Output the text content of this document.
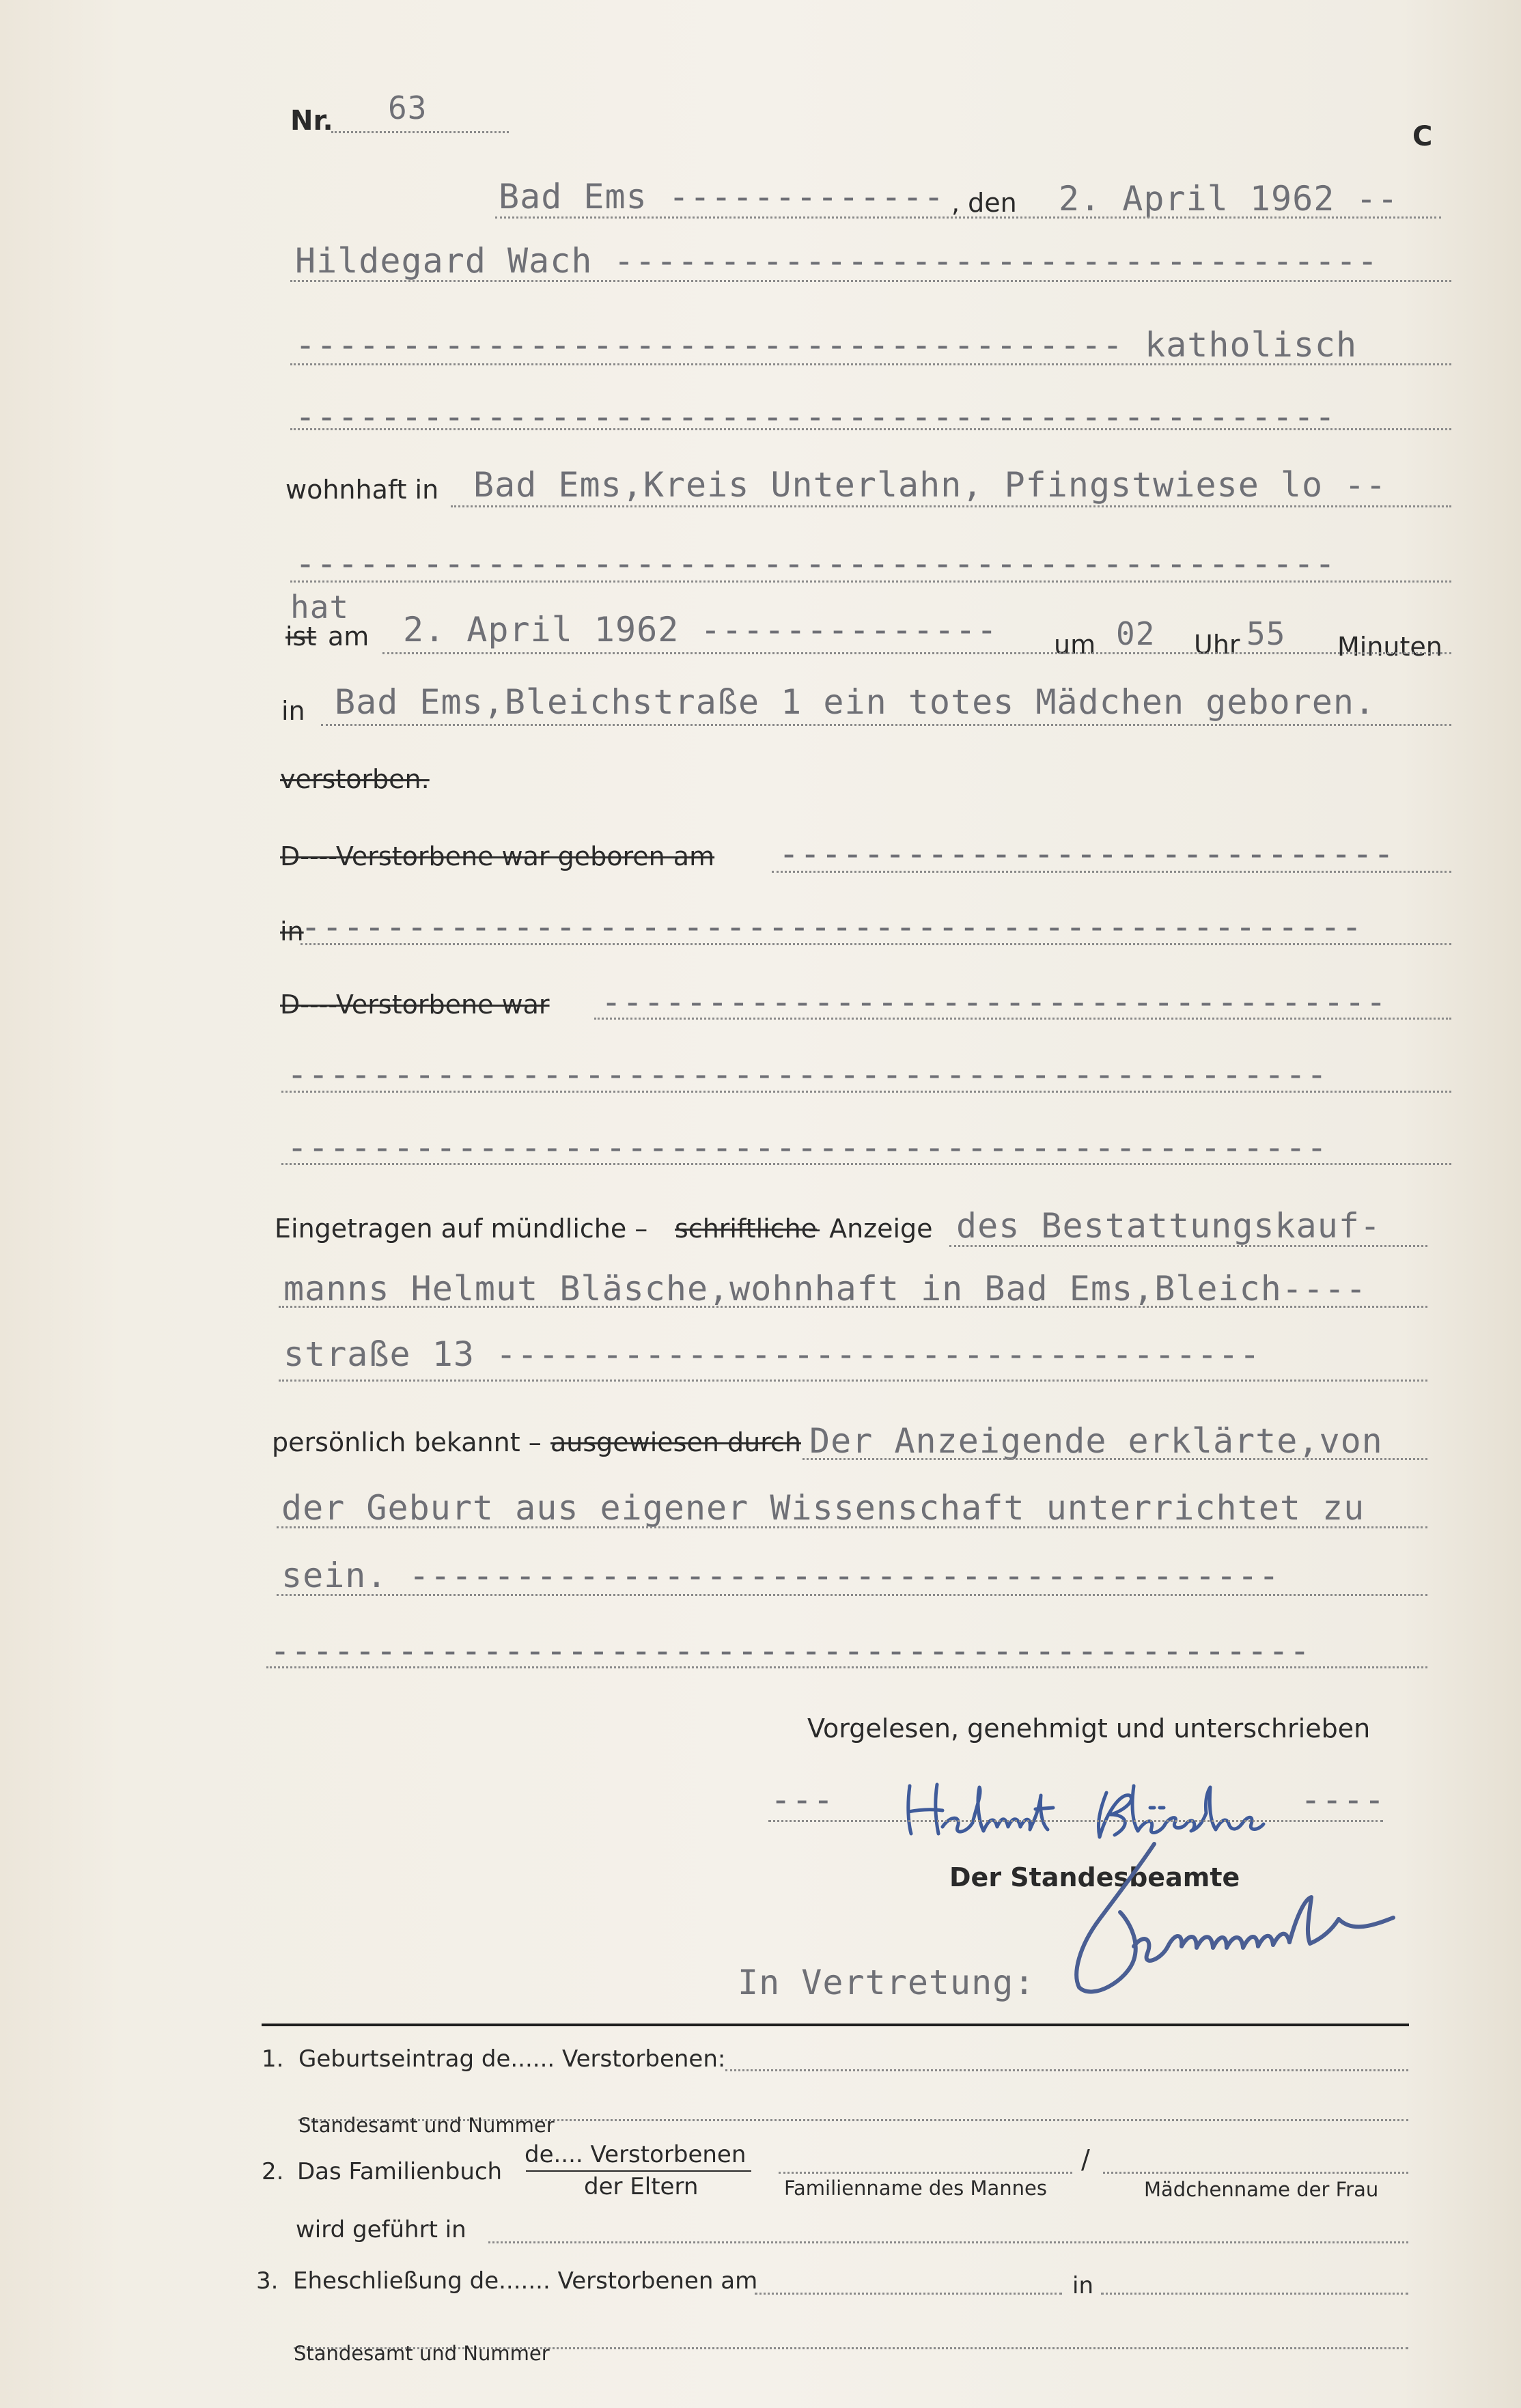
Nr. 63
C
Bad Ems ------------- , den 2. April 1962 --
Hildegard Wach ------------------------------------
--------------------------------------- katholisch
-------------------------------------------------
wohnhaft in Bad Ems,Kreis Unterlahn, Pfingstwiese lo --
-------------------------------------------------
hat
ist am 2. April 1962 -------------- um 02 Uhr 55 Minuten
in Bad Ems,Bleichstraße 1 ein totes Mädchen geboren.
verstorben.
D----Verstorbene war geboren am -----------------------------
in
--------------------------------------------------
D----Verstorbene war -------------------------------------
-------------------------------------------------
-------------------------------------------------
Eingetragen auf mündliche – schriftliche
– Anzeige des Bestattungskauf-
manns Helmut Bläsche,wohnhaft in Bad Ems,Bleich----
straße 13 ------------------------------------
persönlich bekannt – ausgewiesen durch Der Anzeigende erklärte,von
der Geburt aus eigener Wissenschaft unterrichtet zu
sein. -----------------------------------------
-------------------------------------------------
Vorgelesen, genehmigt und unterschrieben
---	----
Der Standesbeamte
In Vertretung:
1. Geburtseintrag de...... Verstorbenen:
Standesamt und Nummer
2. Das Familienbuch
de.... Verstorbenen
der Eltern	Familienname des Mannes
/
Mädchenname der Frau
wird geführt in
3. Eheschließung de....... Verstorbenen am	in
Standesamt und Nummer
